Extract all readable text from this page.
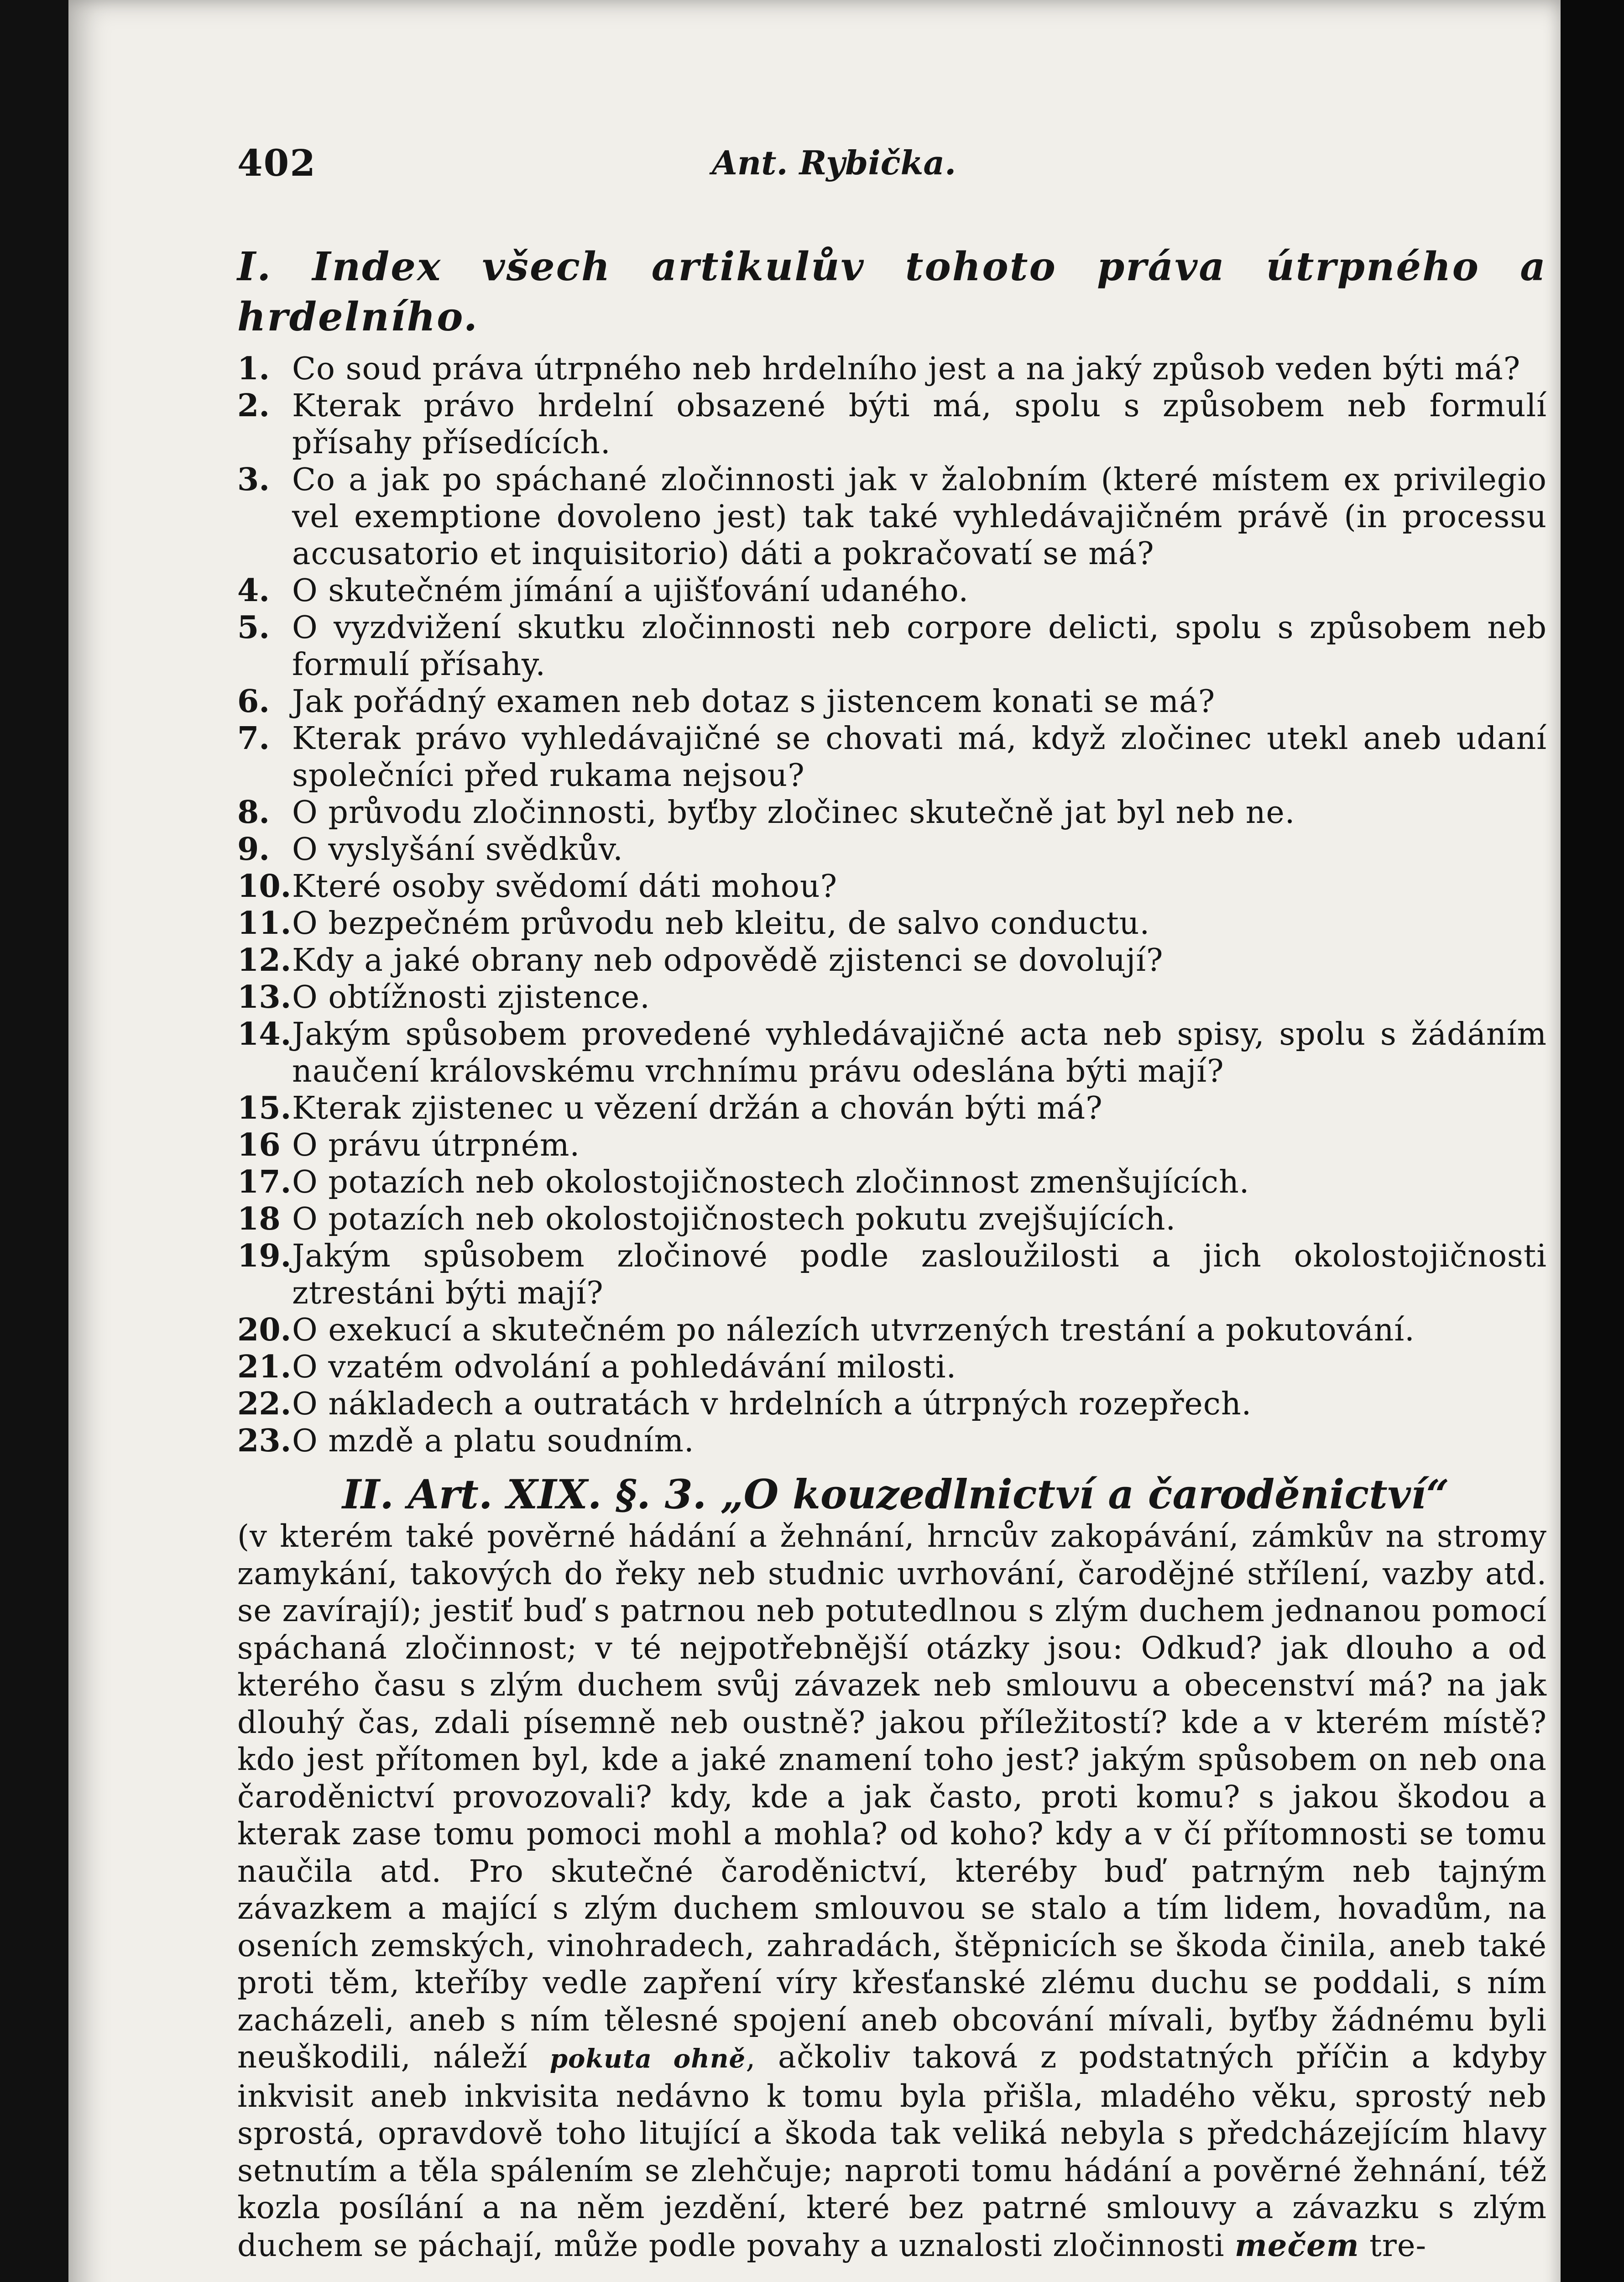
402	Ant. Rybička.
I. Index všech artikulův tohoto práva útrpného a hrdelního.
1. Co soud práva útrpného neb hrdelního jest a na jaký způsob veden býti má?
2. Kterak právo hrdelní obsazené býti má, spolu s způsobem neb formulí přísahy přísedících.
3. Co a jak po spáchané zločinnosti jak v žalobním (které místem ex privilegio vel exemptione dovoleno jest) tak také vyhledávajičném právě (in processu accusatorio et inquisitorio) dáti a pokračovatí se má?
4. O skutečném jímání a ujišťování udaného.
5. O vyzdvižení skutku zločinnosti neb corpore delicti, spolu s způsobem neb formulí přísahy.
6. Jak pořádný examen neb dotaz s jistencem konati se má?
7. Kterak právo vyhledávajičné se chovati má, když zločinec utekl aneb udaní společníci před rukama nejsou?
8. O průvodu zločinnosti, byťby zločinec skutečně jat byl neb ne.
9. O vyslyšání svědkův.
10. Které osoby svědomí dáti mohou?
11. O bezpečném průvodu neb kleitu, de salvo conductu.
12. Kdy a jaké obrany neb odpovědě zjistenci se dovolují?
13. O obtížnosti zjistence.
14. Jakým spůsobem provedené vyhledávajičné acta neb spisy, spolu s žádáním naučení královskému vrchnímu právu odeslána býti mají?
15. Kterak zjistenec u vězení držán a chován býti má?
16 O právu útrpném.
17. O potazích neb okolostojičnostech zločinnost zmenšujících.
18 O potazích neb okolostojičnostech pokutu zvejšujících.
19. Jakým spůsobem zločinové podle zasloužilosti a jich okolostojičnosti ztrestáni býti mají?
20. O exekucí a skutečném po nálezích utvrzených trestání a pokutování.
21. O vzatém odvolání a pohledávání milosti.
22. O nákladech a outratách v hrdelních a útrpných rozepřech.
23. O mzdě a platu soudním.
II. Art. XIX. §. 3. „O kouzedlnictví a čaroděnictví“

(v kterém také pověrné hádání a žehnání, hrncův zakopávání, zámkův na stromy zamykání, takových do řeky neb studnic uvrhování, čarodějné střílení, vazby atd. se zavírají); jestiť buď s patrnou neb potutedlnou s zlým duchem jednanou pomocí spáchaná zločinnost; v té nejpotřebnější otázky jsou: Odkud? jak dlouho a od kterého času s zlým duchem svůj závazek neb smlouvu a obecenství má? na jak dlouhý čas, zdali písemně neb oustně? jakou příležitostí? kde a v kterém místě? kdo jest přítomen byl, kde a jaké znamení toho jest? jakým spůsobem on neb ona čaroděnictví provozovali? kdy, kde a jak často, proti komu? s jakou škodou a kterak zase tomu pomoci mohl a mohla? od koho? kdy a v čí přítomnosti se tomu naučila atd. Pro skutečné čaroděnictví, kteréby buď patrným neb tajným závazkem a mající s zlým duchem smlouvou se stalo a tím lidem, hovadům, na oseních zemských, vinohradech, zahradách, štěpnicích se škoda činila, aneb také proti těm, kteříby vedle zapření víry křesťanské zlému duchu se poddali, s ním zacházeli, aneb s ním tělesné spojení aneb obcování mívali, byťby žádnému byli neuškodili, náleží pokuta ohně, ačkoliv taková z podstatných příčin a kdyby inkvisit aneb inkvisita nedávno k tomu byla přišla, mladého věku, sprostý neb sprostá, opravdově toho litující a škoda tak veliká nebyla s předcházejícím hlavy setnutím a těla spálením se zlehčuje; naproti tomu hádání a pověrné žehnání, též kozla posílání a na něm jezdění, které bez patrné smlouvy a závazku s zlým duchem se páchají, může podle povahy a uznalosti zločinnosti mečem tre-
